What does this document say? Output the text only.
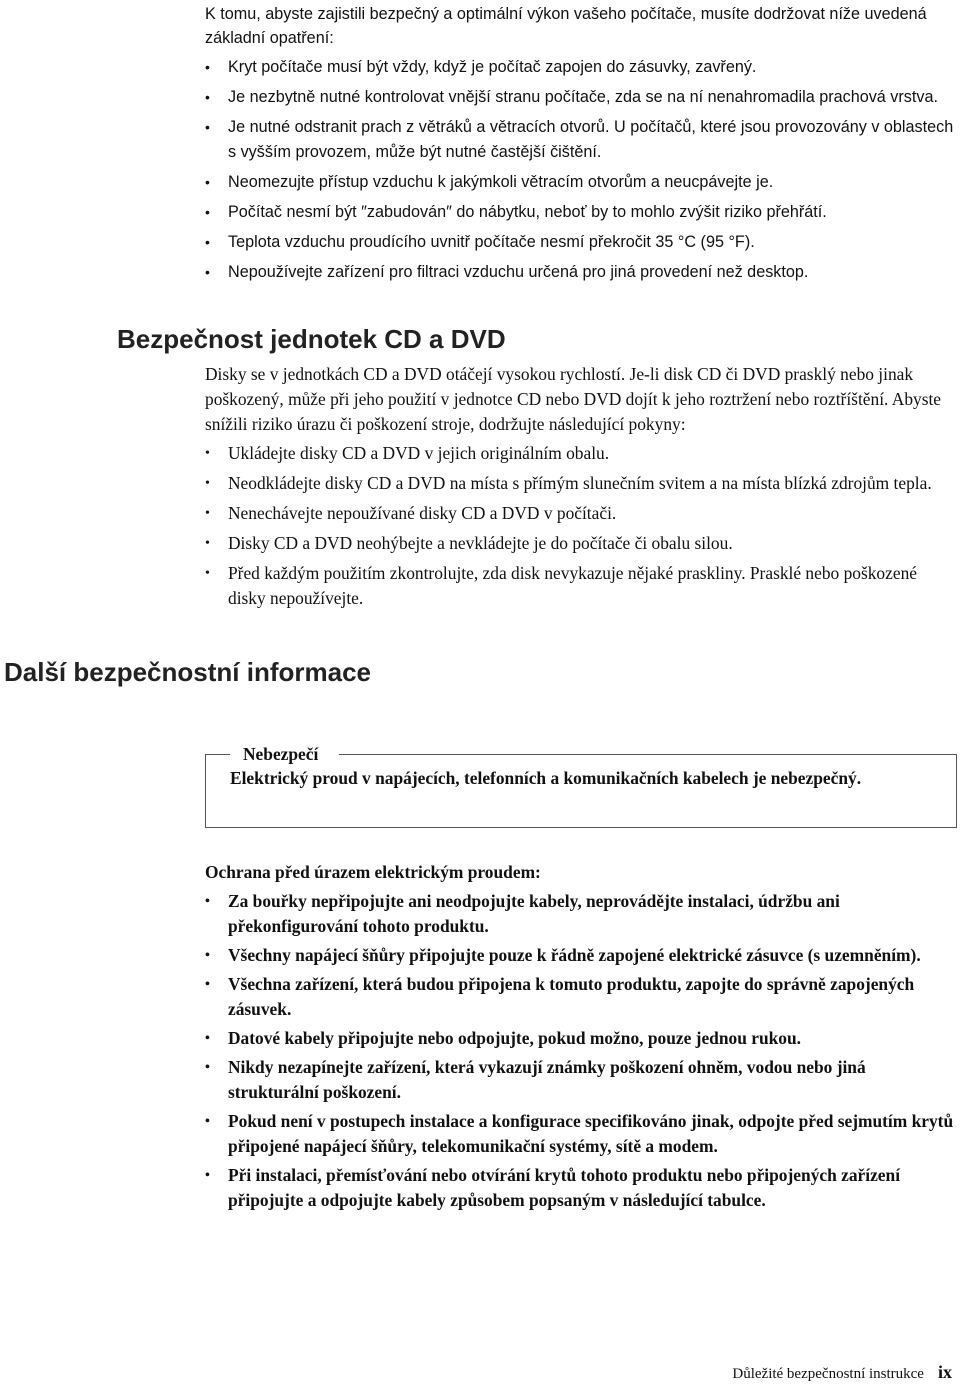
K tomu, abyste zajistili bezpečný a optimální výkon vašeho počítače, musíte dodržovat níže uvedená základní opatření:

• Kryt počítače musí být vždy, když je počítač zapojen do zásuvky, zavřený.
• Je nezbytně nutné kontrolovat vnější stranu počítače, zda se na ní nenahromadila prachová vrstva.
• Je nutné odstranit prach z větráků a větracích otvorů. U počítačů, které jsou provozovány v oblastech s vyšším provozem, může být nutné častější čištění.
• Neomezujte přístup vzduchu k jakýmkoli větracím otvorům a neucpávejte je.
• Počítač nesmí být ″zabudován″ do nábytku, neboť by to mohlo zvýšit riziko přehřátí.
• Teplota vzduchu proudícího uvnitř počítače nesmí překročit 35 °C (95 °F).
• Nepoužívejte zařízení pro filtraci vzduchu určená pro jiná provedení než desktop.
Bezpečnost jednotek CD a DVD

Disky se v jednotkách CD a DVD otáčejí vysokou rychlostí. Je-li disk CD či DVD prasklý nebo jinak poškozený, může při jeho použití v jednotce CD nebo DVD dojít k jeho roztržení nebo roztříštění. Abyste snížili riziko úrazu či poškození stroje, dodržujte následující pokyny:

• Ukládejte disky CD a DVD v jejich originálním obalu.
• Neodkládejte disky CD a DVD na místa s přímým slunečním svitem a na místa blízká zdrojům tepla.
• Nenechávejte nepoužívané disky CD a DVD v počítači.
• Disky CD a DVD neohýbejte a nevkládejte je do počítače či obalu silou.
• Před každým použitím zkontrolujte, zda disk nevykazuje nějaké praskliny. Prasklé nebo poškozené disky nepoužívejte.
Další bezpečnostní informace
Nebezpečí
Elektrický proud v napájecích, telefonních a komunikačních kabelech je nebezpečný.

Ochrana před úrazem elektrickým proudem:

• Za bouřky nepřipojujte ani neodpojujte kabely, neprovádějte instalaci, údržbu ani překonfigurování tohoto produktu.
• Všechny napájecí šňůry připojujte pouze k řádně zapojené elektrické zásuvce (s uzemněním).
• Všechna zařízení, která budou připojena k tomuto produktu, zapojte do správně zapojených zásuvek.
• Datové kabely připojujte nebo odpojujte, pokud možno, pouze jednou rukou.
• Nikdy nezapínejte zařízení, která vykazují známky poškození ohněm, vodou nebo jiná strukturální poškození.
• Pokud není v postupech instalace a konfigurace specifikováno jinak, odpojte před sejmutím krytů připojené napájecí šňůry, telekomunikační systémy, sítě a modem.
• Při instalaci, přemísťování nebo otvírání krytů tohoto produktu nebo připojených zařízení připojujte a odpojujte kabely způsobem popsaným v následující tabulce.
Důležité bezpečnostní instrukce ix
